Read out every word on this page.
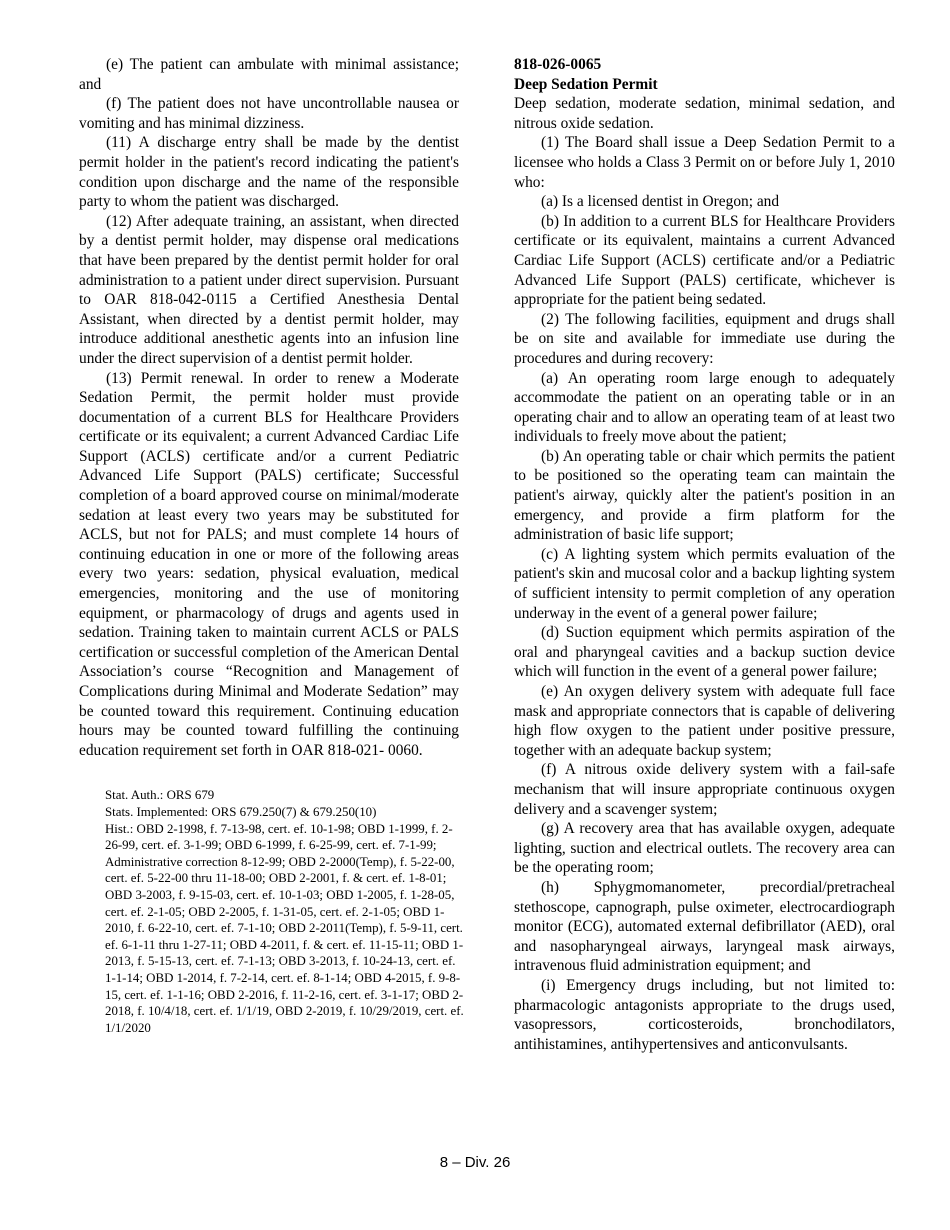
(e) The patient can ambulate with minimal assistance; and

(f) The patient does not have uncontrollable nausea or vomiting and has minimal dizziness.

(11) A discharge entry shall be made by the dentist permit holder in the patient's record indicating the patient's condition upon discharge and the name of the responsible party to whom the patient was discharged.

(12) After adequate training, an assistant, when directed by a dentist permit holder, may dispense oral medications that have been prepared by the dentist permit holder for oral administration to a patient under direct supervision. Pursuant to OAR 818-042-0115 a Certified Anesthesia Dental Assistant, when directed by a dentist permit holder, may introduce additional anesthetic agents into an infusion line under the direct supervision of a dentist permit holder.

(13) Permit renewal. In order to renew a Moderate Sedation Permit, the permit holder must provide documentation of a current BLS for Healthcare Providers certificate or its equivalent; a current Advanced Cardiac Life Support (ACLS) certificate and/or a current Pediatric Advanced Life Support (PALS) certificate; Successful completion of a board approved course on minimal/moderate sedation at least every two years may be substituted for ACLS, but not for PALS; and must complete 14 hours of continuing education in one or more of the following areas every two years: sedation, physical evaluation, medical emergencies, monitoring and the use of monitoring equipment, or pharmacology of drugs and agents used in sedation. Training taken to maintain current ACLS or PALS certification or successful completion of the American Dental Association’s course “Recognition and Management of Complications during Minimal and Moderate Sedation” may be counted toward this requirement. Continuing education hours may be counted toward fulfilling the continuing education requirement set forth in OAR 818-021- 0060.

Stat. Auth.: ORS 679
Stats. Implemented: ORS 679.250(7) & 679.250(10)
Hist.: OBD 2-1998, f. 7-13-98, cert. ef. 10-1-98; OBD 1-1999, f. 2-26-99, cert. ef. 3-1-99; OBD 6-1999, f. 6-25-99, cert. ef. 7-1-99; Administrative correction 8-12-99; OBD 2-2000(Temp), f. 5-22-00, cert. ef. 5-22-00 thru 11-18-00; OBD 2-2001, f. & cert. ef. 1-8-01; OBD 3-2003, f. 9-15-03, cert. ef. 10-1-03; OBD 1-2005, f. 1-28-05, cert. ef. 2-1-05; OBD 2-2005, f. 1-31-05, cert. ef. 2-1-05; OBD 1-2010, f. 6-22-10, cert. ef. 7-1-10; OBD 2-2011(Temp), f. 5-9-11, cert. ef. 6-1-11 thru 1-27-11; OBD 4-2011, f. & cert. ef. 11-15-11; OBD 1-2013, f. 5-15-13, cert. ef. 7-1-13; OBD 3-2013, f. 10-24-13, cert. ef. 1-1-14; OBD 1-2014, f. 7-2-14, cert. ef. 8-1-14; OBD 4-2015, f. 9-8-15, cert. ef. 1-1-16; OBD 2-2016, f. 11-2-16, cert. ef. 3-1-17; OBD 2-2018, f. 10/4/18, cert. ef. 1/1/19, OBD 2-2019, f. 10/29/2019, cert. ef. 1/1/2020

818-026-0065

Deep Sedation Permit

Deep sedation, moderate sedation, minimal sedation, and nitrous oxide sedation.

(1) The Board shall issue a Deep Sedation Permit to a licensee who holds a Class 3 Permit on or before July 1, 2010 who:

(a) Is a licensed dentist in Oregon; and

(b) In addition to a current BLS for Healthcare Providers certificate or its equivalent, maintains a current Advanced Cardiac Life Support (ACLS) certificate and/or a Pediatric Advanced Life Support (PALS) certificate, whichever is appropriate for the patient being sedated.

(2) The following facilities, equipment and drugs shall be on site and available for immediate use during the procedures and during recovery:

(a) An operating room large enough to adequately accommodate the patient on an operating table or in an operating chair and to allow an operating team of at least two individuals to freely move about the patient;

(b) An operating table or chair which permits the patient to be positioned so the operating team can maintain the patient's airway, quickly alter the patient's position in an emergency, and provide a firm platform for the administration of basic life support;

(c) A lighting system which permits evaluation of the patient's skin and mucosal color and a backup lighting system of sufficient intensity to permit completion of any operation underway in the event of a general power failure;

(d) Suction equipment which permits aspiration of the oral and pharyngeal cavities and a backup suction device which will function in the event of a general power failure;

(e) An oxygen delivery system with adequate full face mask and appropriate connectors that is capable of delivering high flow oxygen to the patient under positive pressure, together with an adequate backup system;

(f) A nitrous oxide delivery system with a fail-safe mechanism that will insure appropriate continuous oxygen delivery and a scavenger system;

(g) A recovery area that has available oxygen, adequate lighting, suction and electrical outlets. The recovery area can be the operating room;

(h) Sphygmomanometer, precordial/pretracheal stethoscope, capnograph, pulse oximeter, electrocardiograph monitor (ECG), automated external defibrillator (AED), oral and nasopharyngeal airways, laryngeal mask airways, intravenous fluid administration equipment; and

(i) Emergency drugs including, but not limited to: pharmacologic antagonists appropriate to the drugs used, vasopressors, corticosteroids, bronchodilators, antihistamines, antihypertensives and anticonvulsants.

8 – Div. 26
